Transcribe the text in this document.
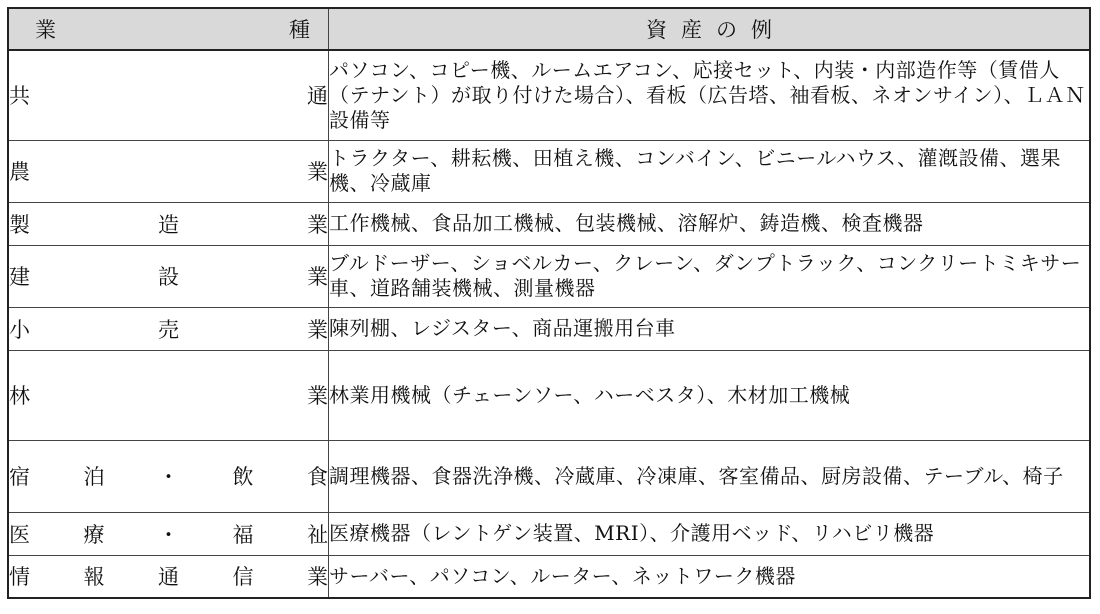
業 種	資 産 の 例

共 通	パソコン、コピー機、ルームエアコン、応接セット、内装・内部造作等（賃借人（テナント）が取り付けた場合）、看板（広告塔、袖看板、ネオンサイン）、ＬＡＮ設備等

農 業	トラクター、耕耘機、田植え機、コンバイン、ビニールハウス、灌漑設備、選果機、冷蔵庫

製 造 業	工作機械、食品加工機械、包装機械、溶解炉、鋳造機、検査機器

建 設 業	ブルドーザー、ショベルカー、クレーン、ダンプトラック、コンクリートミキサー車、道路舗装機械、測量機器

小 売 業	陳列棚、レジスター、商品運搬用台車

林 業	林業用機械（チェーンソー、ハーベスタ）、木材加工機械

宿 泊 ・ 飲 食	調理機器、食器洗浄機、冷蔵庫、冷凍庫、客室備品、厨房設備、テーブル、椅子

医 療 ・ 福 祉	医療機器（レントゲン装置、MRI）、介護用ベッド、リハビリ機器

情 報 通 信 業	サーバー、パソコン、ルーター、ネットワーク機器
